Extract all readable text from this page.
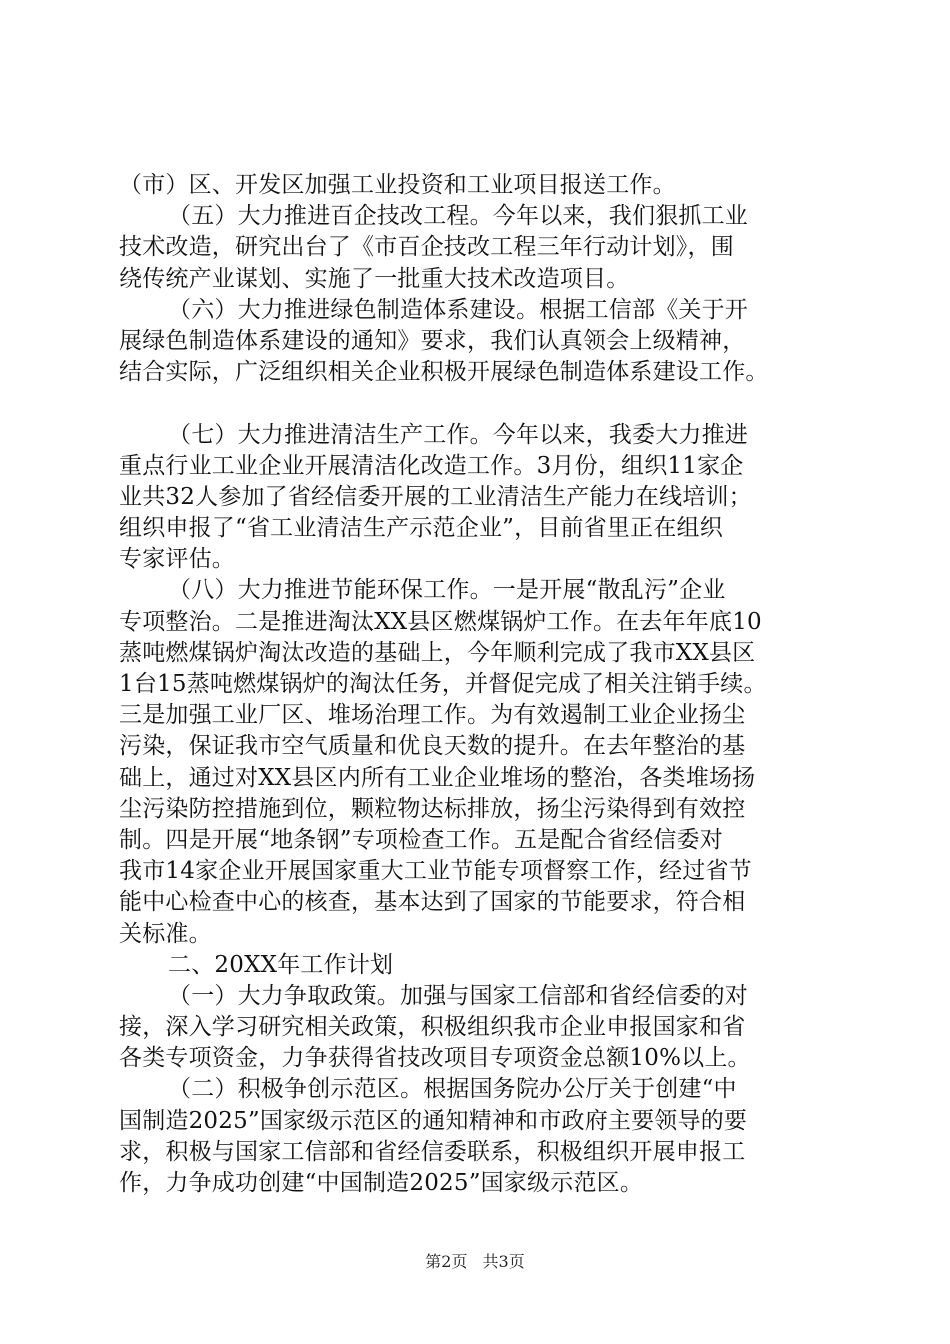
（市）区、开发区加强工业投资和工业项目报送工作。
（五）大力推进百企技改工程。今年以来，我们狠抓工业
技术改造，研究出台了《市百企技改工程三年行动计划》，围
绕传统产业谋划、实施了一批重大技术改造项目。
（六）大力推进绿色制造体系建设。根据工信部《关于开
展绿色制造体系建设的通知》要求，我们认真领会上级精神，
结合实际，广泛组织相关企业积极开展绿色制造体系建设工作。
（七）大力推进清洁生产工作。今年以来，我委大力推进
重点行业工业企业开展清洁化改造工作。3月份，组织11家企
业共32人参加了省经信委开展的工业清洁生产能力在线培训；
组织申报了“省工业清洁生产示范企业”，目前省里正在组织
专家评估。
（八）大力推进节能环保工作。一是开展“散乱污”企业
专项整治。二是推进淘汰XX县区燃煤锅炉工作。在去年年底10
蒸吨燃煤锅炉淘汰改造的基础上，今年顺利完成了我市XX县区
1台15蒸吨燃煤锅炉的淘汰任务，并督促完成了相关注销手续。
三是加强工业厂区、堆场治理工作。为有效遏制工业企业扬尘
污染，保证我市空气质量和优良天数的提升。在去年整治的基
础上，通过对XX县区内所有工业企业堆场的整治，各类堆场扬
尘污染防控措施到位，颗粒物达标排放，扬尘污染得到有效控
制。四是开展“地条钢”专项检查工作。五是配合省经信委对
我市14家企业开展国家重大工业节能专项督察工作，经过省节
能中心检查中心的核查，基本达到了国家的节能要求，符合相
关标准。
二、20XX年工作计划
（一）大力争取政策。加强与国家工信部和省经信委的对
接，深入学习研究相关政策，积极组织我市企业申报国家和省
各类专项资金，力争获得省技改项目专项资金总额10%以上。
（二）积极争创示范区。根据国务院办公厅关于创建“中
国制造2025”国家级示范区的通知精神和市政府主要领导的要
求，积极与国家工信部和省经信委联系，积极组织开展申报工
作，力争成功创建“中国制造2025”国家级示范区。
第2页 共3页
